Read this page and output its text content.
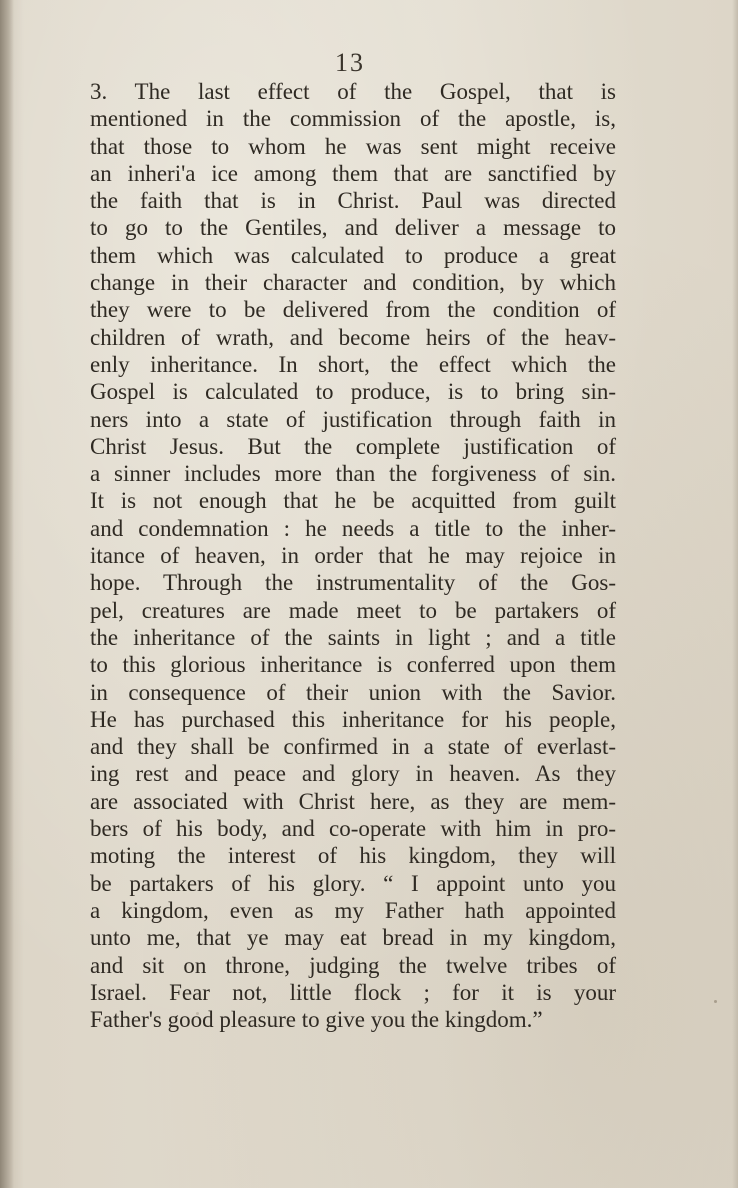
13
3. The last effect of the Gospel, that is
mentioned in the commission of the apostle, is,
that those to whom he was sent might receive
an inheri'a ice among them that are sanctified by
the faith that is in Christ. Paul was directed
to go to the Gentiles, and deliver a message to
them which was calculated to produce a great
change in their character and condition, by which
they were to be delivered from the condition of
children of wrath, and become heirs of the heav-
enly inheritance. In short, the effect which the
Gospel is calculated to produce, is to bring sin-
ners into a state of justification through faith in
Christ Jesus. But the complete justification of
a sinner includes more than the forgiveness of sin.
It is not enough that he be acquitted from guilt
and condemnation : he needs a title to the inher-
itance of heaven, in order that he may rejoice in
hope. Through the instrumentality of the Gos-
pel, creatures are made meet to be partakers of
the inheritance of the saints in light ; and a title
to this glorious inheritance is conferred upon them
in consequence of their union with the Savior.
He has purchased this inheritance for his people,
and they shall be confirmed in a state of everlast-
ing rest and peace and glory in heaven. As they
are associated with Christ here, as they are mem-
bers of his body, and co-operate with him in pro-
moting the interest of his kingdom, they will
be partakers of his glory. “ I appoint unto you
a kingdom, even as my Father hath appointed
unto me, that ye may eat bread in my kingdom,
and sit on throne, judging the twelve tribes of
Israel. Fear not, little flock ; for it is your
Father's good pleasure to give you the kingdom.”
